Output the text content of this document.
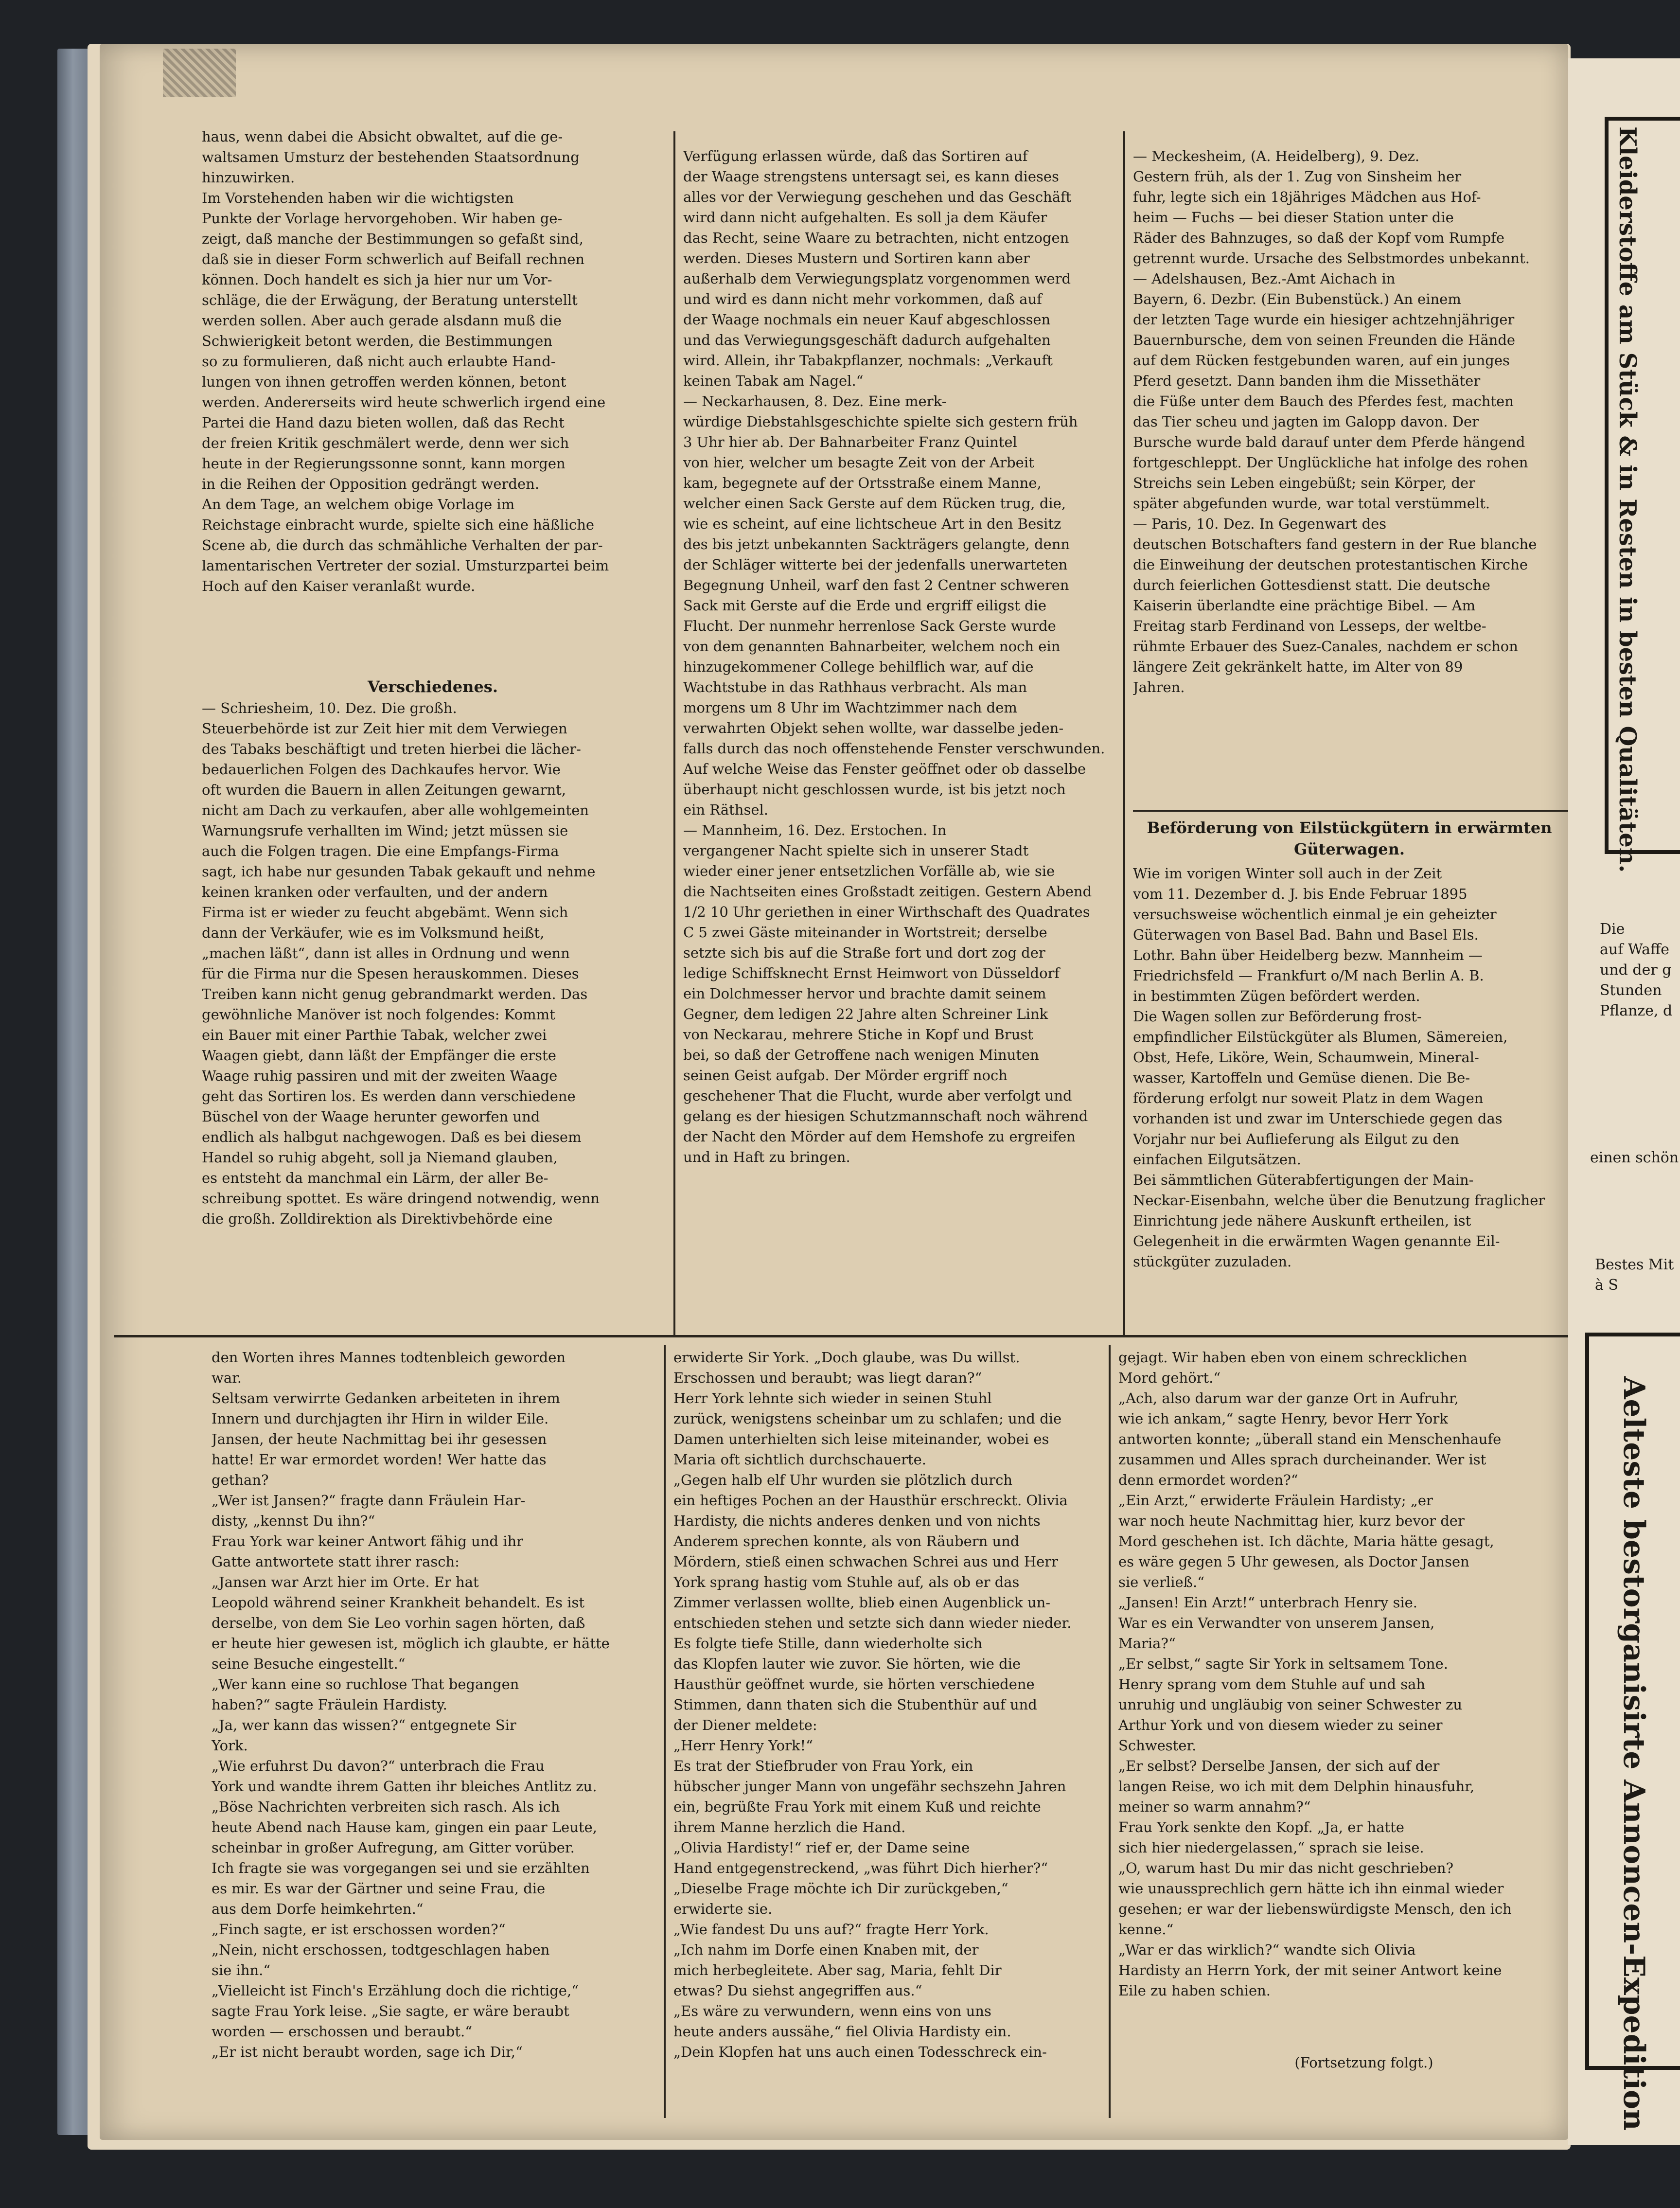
haus, wenn dabei die Absicht obwaltet, auf die ge-
waltsamen Umsturz der bestehenden Staatsordnung
hinzuwirken.
Im Vorstehenden haben wir die wichtigsten
Punkte der Vorlage hervorgehoben. Wir haben ge-
zeigt, daß manche der Bestimmungen so gefaßt sind,
daß sie in dieser Form schwerlich auf Beifall rechnen
können. Doch handelt es sich ja hier nur um Vor-
schläge, die der Erwägung, der Beratung unterstellt
werden sollen. Aber auch gerade alsdann muß die
Schwierigkeit betont werden, die Bestimmungen
so zu formulieren, daß nicht auch erlaubte Hand-
lungen von ihnen getroffen werden können, betont
werden. Andererseits wird heute schwerlich irgend eine
Partei die Hand dazu bieten wollen, daß das Recht
der freien Kritik geschmälert werde, denn wer sich
heute in der Regierungssonne sonnt, kann morgen
in die Reihen der Opposition gedrängt werden.
An dem Tage, an welchem obige Vorlage im
Reichstage einbracht wurde, spielte sich eine häßliche
Scene ab, die durch das schmähliche Verhalten der par-
lamentarischen Vertreter der sozial. Umsturzpartei beim
Hoch auf den Kaiser veranlaßt wurde.
Verschiedenes.
— Schriesheim, 10. Dez. Die großh.
Steuerbehörde ist zur Zeit hier mit dem Verwiegen
des Tabaks beschäftigt und treten hierbei die lächer-
bedauerlichen Folgen des Dachkaufes hervor. Wie
oft wurden die Bauern in allen Zeitungen gewarnt,
nicht am Dach zu verkaufen, aber alle wohlgemeinten
Warnungsrufe verhallten im Wind; jetzt müssen sie
auch die Folgen tragen. Die eine Empfangs-Firma
sagt, ich habe nur gesunden Tabak gekauft und nehme
keinen kranken oder verfaulten, und der andern
Firma ist er wieder zu feucht abgebämt. Wenn sich
dann der Verkäufer, wie es im Volksmund heißt,
„machen läßt“, dann ist alles in Ordnung und wenn
für die Firma nur die Spesen herauskommen. Dieses
Treiben kann nicht genug gebrandmarkt werden. Das
gewöhnliche Manöver ist noch folgendes: Kommt
ein Bauer mit einer Parthie Tabak, welcher zwei
Waagen giebt, dann läßt der Empfänger die erste
Waage ruhig passiren und mit der zweiten Waage
geht das Sortiren los. Es werden dann verschiedene
Büschel von der Waage herunter geworfen und
endlich als halbgut nachgewogen. Daß es bei diesem
Handel so ruhig abgeht, soll ja Niemand glauben,
es entsteht da manchmal ein Lärm, der aller Be-
schreibung spottet. Es wäre dringend notwendig, wenn
die großh. Zolldirektion als Direktivbehörde eine
Verfügung erlassen würde, daß das Sortiren auf
der Waage strengstens untersagt sei, es kann dieses
alles vor der Verwiegung geschehen und das Geschäft
wird dann nicht aufgehalten. Es soll ja dem Käufer
das Recht, seine Waare zu betrachten, nicht entzogen
werden. Dieses Mustern und Sortiren kann aber
außerhalb dem Verwiegungsplatz vorgenommen werd
und wird es dann nicht mehr vorkommen, daß auf
der Waage nochmals ein neuer Kauf abgeschlossen
und das Verwiegungsgeschäft dadurch aufgehalten
wird. Allein, ihr Tabakpflanzer, nochmals: „Verkauft
keinen Tabak am Nagel.“
— Neckarhausen, 8. Dez. Eine merk-
würdige Diebstahlsgeschichte spielte sich gestern früh
3 Uhr hier ab. Der Bahnarbeiter Franz Quintel
von hier, welcher um besagte Zeit von der Arbeit
kam, begegnete auf der Ortsstraße einem Manne,
welcher einen Sack Gerste auf dem Rücken trug, die,
wie es scheint, auf eine lichtscheue Art in den Besitz
des bis jetzt unbekannten Sackträgers gelangte, denn
der Schläger witterte bei der jedenfalls unerwarteten
Begegnung Unheil, warf den fast 2 Centner schweren
Sack mit Gerste auf die Erde und ergriff eiligst die
Flucht. Der nunmehr herrenlose Sack Gerste wurde
von dem genannten Bahnarbeiter, welchem noch ein
hinzugekommener College behilflich war, auf die
Wachtstube in das Rathhaus verbracht. Als man
morgens um 8 Uhr im Wachtzimmer nach dem
verwahrten Objekt sehen wollte, war dasselbe jeden-
falls durch das noch offenstehende Fenster verschwunden.
Auf welche Weise das Fenster geöffnet oder ob dasselbe
überhaupt nicht geschlossen wurde, ist bis jetzt noch
ein Räthsel.
— Mannheim, 16. Dez. Erstochen. In
vergangener Nacht spielte sich in unserer Stadt
wieder einer jener entsetzlichen Vorfälle ab, wie sie
die Nachtseiten eines Großstadt zeitigen. Gestern Abend
1/2 10 Uhr geriethen in einer Wirthschaft des Quadrates
C 5 zwei Gäste miteinander in Wortstreit; derselbe
setzte sich bis auf die Straße fort und dort zog der
ledige Schiffsknecht Ernst Heimwort von Düsseldorf
ein Dolchmesser hervor und brachte damit seinem
Gegner, dem ledigen 22 Jahre alten Schreiner Link
von Neckarau, mehrere Stiche in Kopf und Brust
bei, so daß der Getroffene nach wenigen Minuten
seinen Geist aufgab. Der Mörder ergriff noch
geschehener That die Flucht, wurde aber verfolgt und
gelang es der hiesigen Schutzmannschaft noch während
der Nacht den Mörder auf dem Hemshofe zu ergreifen
und in Haft zu bringen.
— Meckesheim, (A. Heidelberg), 9. Dez.
Gestern früh, als der 1. Zug von Sinsheim her
fuhr, legte sich ein 18jähriges Mädchen aus Hof-
heim — Fuchs — bei dieser Station unter die
Räder des Bahnzuges, so daß der Kopf vom Rumpfe
getrennt wurde. Ursache des Selbstmordes unbekannt.
— Adelshausen, Bez.-Amt Aichach in
Bayern, 6. Dezbr. (Ein Bubenstück.) An einem
der letzten Tage wurde ein hiesiger achtzehnjähriger
Bauernbursche, dem von seinen Freunden die Hände
auf dem Rücken festgebunden waren, auf ein junges
Pferd gesetzt. Dann banden ihm die Missethäter
die Füße unter dem Bauch des Pferdes fest, machten
das Tier scheu und jagten im Galopp davon. Der
Bursche wurde bald darauf unter dem Pferde hängend
fortgeschleppt. Der Unglückliche hat infolge des rohen
Streichs sein Leben eingebüßt; sein Körper, der
später abgefunden wurde, war total verstümmelt.
— Paris, 10. Dez. In Gegenwart des
deutschen Botschafters fand gestern in der Rue blanche
die Einweihung der deutschen protestantischen Kirche
durch feierlichen Gottesdienst statt. Die deutsche
Kaiserin überlandte eine prächtige Bibel. — Am
Freitag starb Ferdinand von Lesseps, der weltbe-
rühmte Erbauer des Suez-Canales, nachdem er schon
längere Zeit gekränkelt hatte, im Alter von 89
Jahren.
Beförderung von Eilstückgütern in erwärmten
Güterwagen.
Wie im vorigen Winter soll auch in der Zeit
vom 11. Dezember d. J. bis Ende Februar 1895
versuchsweise wöchentlich einmal je ein geheizter
Güterwagen von Basel Bad. Bahn und Basel Els.
Lothr. Bahn über Heidelberg bezw. Mannheim —
Friedrichsfeld — Frankfurt o/M nach Berlin A. B.
in bestimmten Zügen befördert werden.
Die Wagen sollen zur Beförderung frost-
empfindlicher Eilstückgüter als Blumen, Sämereien,
Obst, Hefe, Liköre, Wein, Schaumwein, Mineral-
wasser, Kartoffeln und Gemüse dienen. Die Be-
förderung erfolgt nur soweit Platz in dem Wagen
vorhanden ist und zwar im Unterschiede gegen das
Vorjahr nur bei Auflieferung als Eilgut zu den
einfachen Eilgutsätzen.
Bei sämmtlichen Güterabfertigungen der Main-
Neckar-Eisenbahn, welche über die Benutzung fraglicher
Einrichtung jede nähere Auskunft ertheilen, ist
Gelegenheit in die erwärmten Wagen genannte Eil-
stückgüter zuzuladen.
den Worten ihres Mannes todtenbleich geworden
war.
Seltsam verwirrte Gedanken arbeiteten in ihrem
Innern und durchjagten ihr Hirn in wilder Eile.
Jansen, der heute Nachmittag bei ihr gesessen
hatte! Er war ermordet worden! Wer hatte das
gethan?
„Wer ist Jansen?“ fragte dann Fräulein Har-
disty, „kennst Du ihn?“
Frau York war keiner Antwort fähig und ihr
Gatte antwortete statt ihrer rasch:
„Jansen war Arzt hier im Orte. Er hat
Leopold während seiner Krankheit behandelt. Es ist
derselbe, von dem Sie Leo vorhin sagen hörten, daß
er heute hier gewesen ist, möglich ich glaubte, er hätte
seine Besuche eingestellt.“
„Wer kann eine so ruchlose That begangen
haben?“ sagte Fräulein Hardisty.
„Ja, wer kann das wissen?“ entgegnete Sir
York.
„Wie erfuhrst Du davon?“ unterbrach die Frau
York und wandte ihrem Gatten ihr bleiches Antlitz zu.
„Böse Nachrichten verbreiten sich rasch. Als ich
heute Abend nach Hause kam, gingen ein paar Leute,
scheinbar in großer Aufregung, am Gitter vorüber.
Ich fragte sie was vorgegangen sei und sie erzählten
es mir. Es war der Gärtner und seine Frau, die
aus dem Dorfe heimkehrten.“
„Finch sagte, er ist erschossen worden?“
„Nein, nicht erschossen, todtgeschlagen haben
sie ihn.“
„Vielleicht ist Finch's Erzählung doch die richtige,“
sagte Frau York leise. „Sie sagte, er wäre beraubt
worden — erschossen und beraubt.“
„Er ist nicht beraubt worden, sage ich Dir,“
erwiderte Sir York. „Doch glaube, was Du willst.
Erschossen und beraubt; was liegt daran?“
Herr York lehnte sich wieder in seinen Stuhl
zurück, wenigstens scheinbar um zu schlafen; und die
Damen unterhielten sich leise miteinander, wobei es
Maria oft sichtlich durchschauerte.
„Gegen halb elf Uhr wurden sie plötzlich durch
ein heftiges Pochen an der Hausthür erschreckt. Olivia
Hardisty, die nichts anderes denken und von nichts
Anderem sprechen konnte, als von Räubern und
Mördern, stieß einen schwachen Schrei aus und Herr
York sprang hastig vom Stuhle auf, als ob er das
Zimmer verlassen wollte, blieb einen Augenblick un-
entschieden stehen und setzte sich dann wieder nieder.
Es folgte tiefe Stille, dann wiederholte sich
das Klopfen lauter wie zuvor. Sie hörten, wie die
Hausthür geöffnet wurde, sie hörten verschiedene
Stimmen, dann thaten sich die Stubenthür auf und
der Diener meldete:
„Herr Henry York!“
Es trat der Stiefbruder von Frau York, ein
hübscher junger Mann von ungefähr sechszehn Jahren
ein, begrüßte Frau York mit einem Kuß und reichte
ihrem Manne herzlich die Hand.
„Olivia Hardisty!“ rief er, der Dame seine
Hand entgegenstreckend, „was führt Dich hierher?“
„Dieselbe Frage möchte ich Dir zurückgeben,“
erwiderte sie.
„Wie fandest Du uns auf?“ fragte Herr York.
„Ich nahm im Dorfe einen Knaben mit, der
mich herbegleitete. Aber sag, Maria, fehlt Dir
etwas? Du siehst angegriffen aus.“
„Es wäre zu verwundern, wenn eins von uns
heute anders aussähe,“ fiel Olivia Hardisty ein.
„Dein Klopfen hat uns auch einen Todesschreck ein-
gejagt. Wir haben eben von einem schrecklichen
Mord gehört.“
„Ach, also darum war der ganze Ort in Aufruhr,
wie ich ankam,“ sagte Henry, bevor Herr York
antworten konnte; „überall stand ein Menschenhaufe
zusammen und Alles sprach durcheinander. Wer ist
denn ermordet worden?“
„Ein Arzt,“ erwiderte Fräulein Hardisty; „er
war noch heute Nachmittag hier, kurz bevor der
Mord geschehen ist. Ich dächte, Maria hätte gesagt,
es wäre gegen 5 Uhr gewesen, als Doctor Jansen
sie verließ.“
„Jansen! Ein Arzt!“ unterbrach Henry sie.
War es ein Verwandter von unserem Jansen,
Maria?“
„Er selbst,“ sagte Sir York in seltsamem Tone.
Henry sprang vom dem Stuhle auf und sah
unruhig und ungläubig von seiner Schwester zu
Arthur York und von diesem wieder zu seiner
Schwester.
„Er selbst? Derselbe Jansen, der sich auf der
langen Reise, wo ich mit dem Delphin hinausfuhr,
meiner so warm annahm?“
Frau York senkte den Kopf. „Ja, er hatte
sich hier niedergelassen,“ sprach sie leise.
„O, warum hast Du mir das nicht geschrieben?
wie unaussprechlich gern hätte ich ihn einmal wieder
gesehen; er war der liebenswürdigste Mensch, den ich
kenne.“
„War er das wirklich?“ wandte sich Olivia
Hardisty an Herrn York, der mit seiner Antwort keine
Eile zu haben schien.
(Fortsetzung folgt.)
Kleiderstoffe am Stück & in Resten in besten Qualitäten.
Die
auf Waffe
und der g
Stunden
Pflanze, d
einen schön
Bestes Mit
à S
Aelteste bestorganisirte Annoncen-Expedition
